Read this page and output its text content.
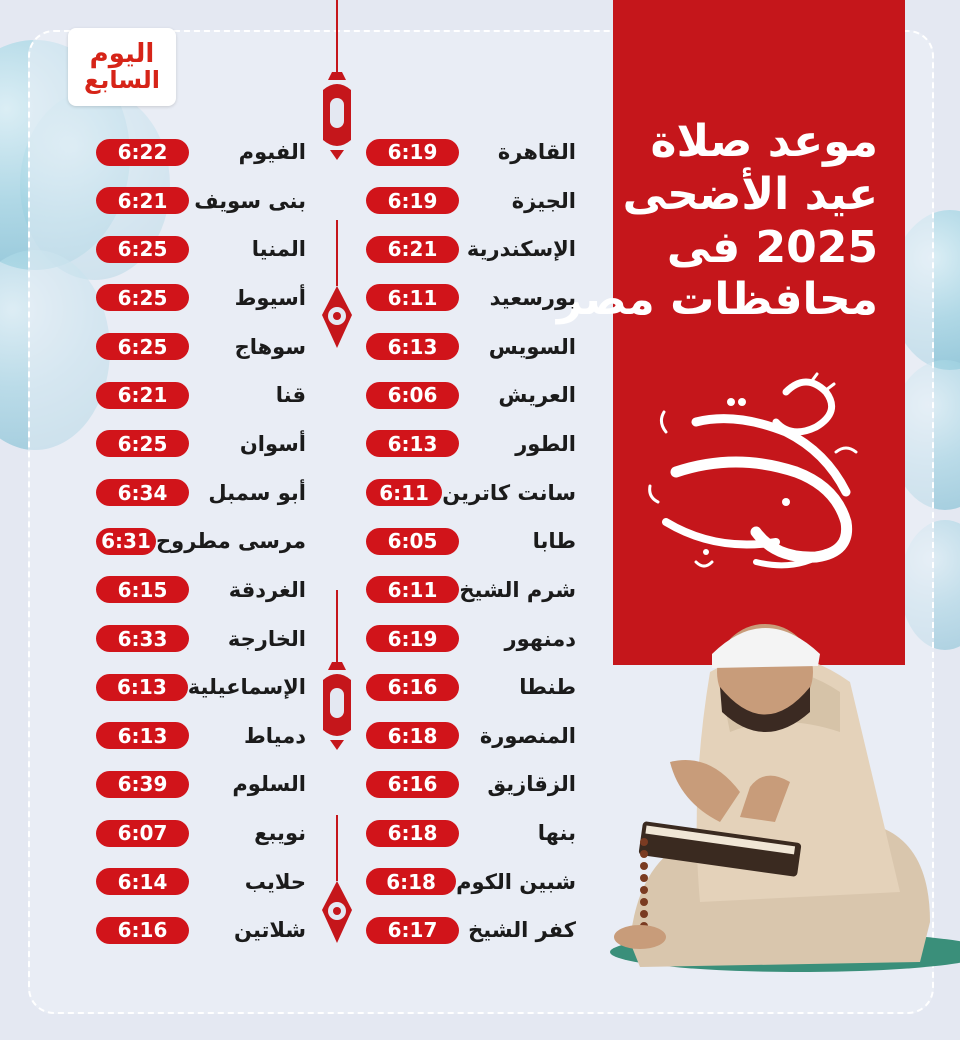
موعد صلاة
عيد الأضحى
2025 فى
محافظات مصر
اليوم
السابع
6:19	القاهرة
6:19	الجيزة
6:21	الإسكندرية
6:11	بورسعيد
6:13	السويس
6:06	العريش
6:13	الطور
6:11 سانت كاترين
6:05	طابا
6:11	شرم الشيخ
6:19	دمنهور
6:16	طنطا
6:18	المنصورة
6:16	الزقازيق
6:18	بنها
6:18 شبين الكوم
6:17	كفر الشيخ
6:22	الفيوم
6:21	بنى سويف
6:25	المنيا
6:25	أسيوط
6:25	سوهاج
6:21	قنا
6:25	أسوان
6:34	أبو سمبل
6:31 مرسى مطروح
6:15	الغردقة
6:33	الخارجة
6:13	الإسماعيلية
6:13	دمياط
6:39	السلوم
6:07	نويبع
6:14	حلايب
6:16	شلاتين
